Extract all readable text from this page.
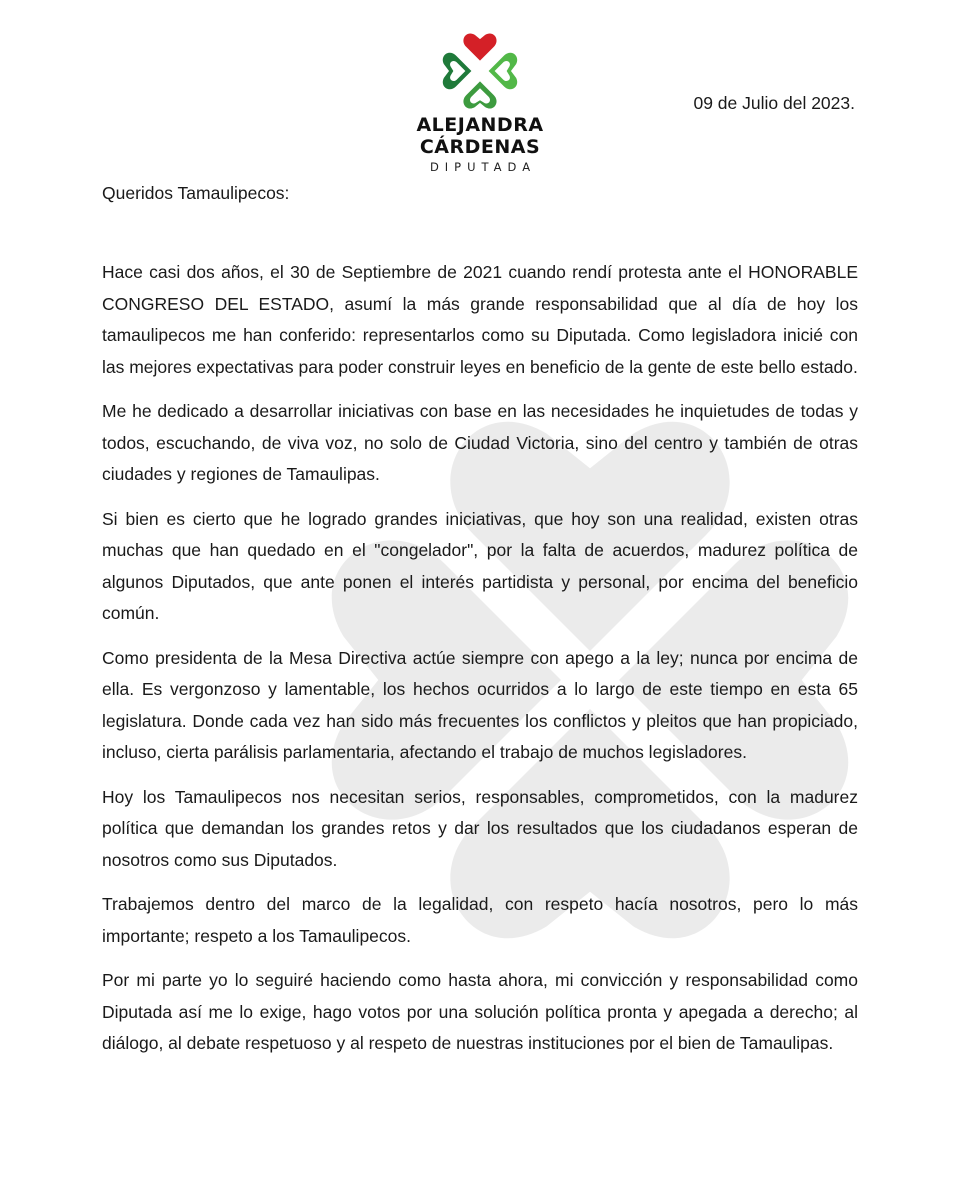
ALEJANDRA
CÁRDENAS
DIPUTADA
09 de Julio del 2023.
Queridos Tamaulipecos:

Hace casi dos años, el 30 de Septiembre de 2021 cuando rendí protesta ante el HONORABLE CONGRESO DEL ESTADO, asumí la más grande responsabilidad que al día de hoy los tamaulipecos me han conferido: representarlos como su Diputada. Como legisladora inicié con las mejores expectativas para poder construir leyes en beneficio de la gente de este bello estado.

Me he dedicado a desarrollar iniciativas con base en las necesidades he inquietudes de todas y todos, escuchando, de viva voz, no solo de Ciudad Victoria, sino del centro y también de otras ciudades y regiones de Tamaulipas.

Si bien es cierto que he logrado grandes iniciativas, que hoy son una realidad, existen otras muchas que han quedado en el "congelador", por la falta de acuerdos, madurez política de algunos Diputados, que ante ponen el interés partidista y personal, por encima del beneficio común.

Como presidenta de la Mesa Directiva actúe siempre con apego a la ley; nunca por encima de ella. Es vergonzoso y lamentable, los hechos ocurridos a lo largo de este tiempo en esta 65 legislatura. Donde cada vez han sido más frecuentes los conflictos y pleitos que han propiciado, incluso, cierta parálisis parlamentaria, afectando el trabajo de muchos legisladores.

Hoy los Tamaulipecos nos necesitan serios, responsables, comprometidos, con la madurez política que demandan los grandes retos y dar los resultados que los ciudadanos esperan de nosotros como sus Diputados.

Trabajemos dentro del marco de la legalidad, con respeto hacía nosotros, pero lo más importante; respeto a los Tamaulipecos.

Por mi parte yo lo seguiré haciendo como hasta ahora, mi convicción y responsabilidad como Diputada así me lo exige, hago votos por una solución política pronta y apegada a derecho; al diálogo, al debate respetuoso y al respeto de nuestras instituciones por el bien de Tamaulipas.
